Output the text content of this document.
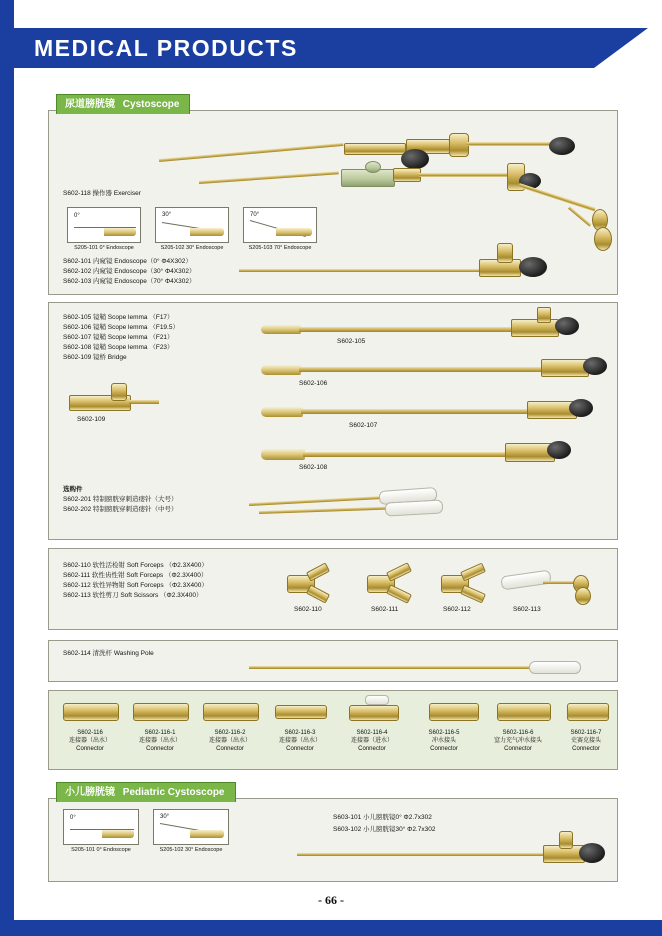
MEDICAL PRODUCTS
尿道膀胱镜 Cystoscope
S602-118 操作器 Exerciser
0°
S205-101 0° Endoscope
30°
S205-102 30° Endoscope
70°
S205-103 70° Endoscope
S602-101 内窥镜 Endoscope（0° Φ4X302）
S602-102 内窥镜 Endoscope（30° Φ4X302）
S602-103 内窥镜 Endoscope（70° Φ4X302）
S602-105 镜鞘 Scope lemma （F17）
S602-106 镜鞘 Scope lemma （F19.5）
S602-107 镜鞘 Scope lemma （F21）
S602-108 镜鞘 Scope lemma （F23）
S602-109 镜桥 Bridge
S602-109
S602-105
S602-106
S602-107
S602-108
选购件
S602-201 特制膀胱穿刺造瘘针（大号）
S602-202 特制膀胱穿刺造瘘针（中号）
S602-110 软性活检钳 Soft Forceps （Φ2.3X400）
S602-111 软性齿性钳 Soft Forceps （Φ2.3X400）
S602-112 软性异物钳 Soft Forceps （Φ2.3X400）
S602-113 软性剪刀 Soft Scissors （Φ2.3X400）
S602-110	S602-111	S602-112	S602-113
S602-114 清洗杆 Washing Pole
S602-116
连接器（出水）
Connector
S602-116-1
连接器（出水）
Connector
S602-116-2
连接器（出水）
Connector
S602-116-3
连接器（出水）
Connector
S602-116-4
连接器（进水）
Connector
S602-116-5
冲水接头
Connector
S602-116-6
窒力充气冲水接头
Connector
S602-116-7
史赛克接头
Connector
小儿膀胱镜 Pediatric Cystoscope
0°
S205-101 0° Endoscope
30°
S205-102 30° Endoscope
S603-101 小儿膀胱镜0° Φ2.7x302
S603-102 小儿膀胱镜30° Φ2.7x302
- 66 -
